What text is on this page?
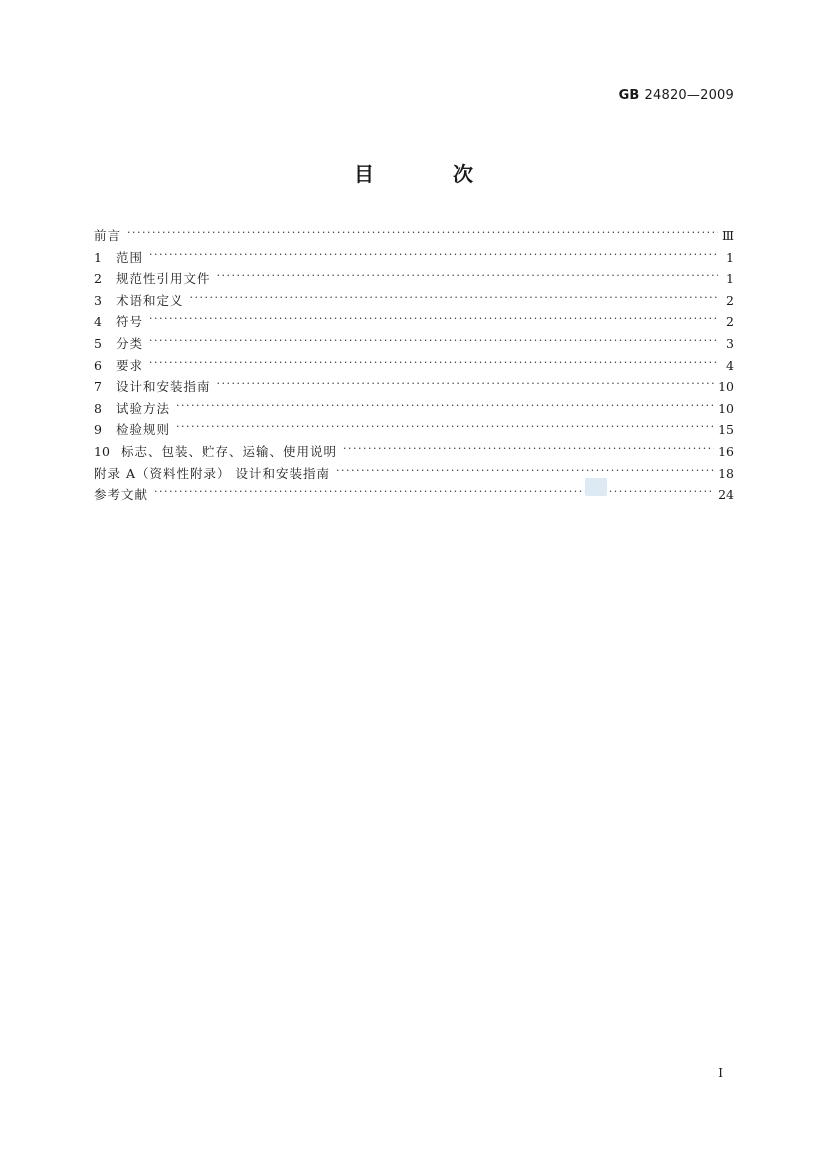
GB 24820—2009
目 次
前言 ·····	Ⅲ
1	范围 ·····	1
2	规范性引用文件 ·····	1
3	术语和定义 ·····	2
4	符号 ·····	2
5	分类 ·····	3
6	要求 ·····	4
7	设计和安装指南 ·····	10
8	试验方法 ·····	10
9	检验规则 ·····	15
10 标志、包装、贮存、运输、使用说明 ·····	16
附录 A（资料性附录） 设计和安装指南 ·····	18
参考文献 ·····	24
I
